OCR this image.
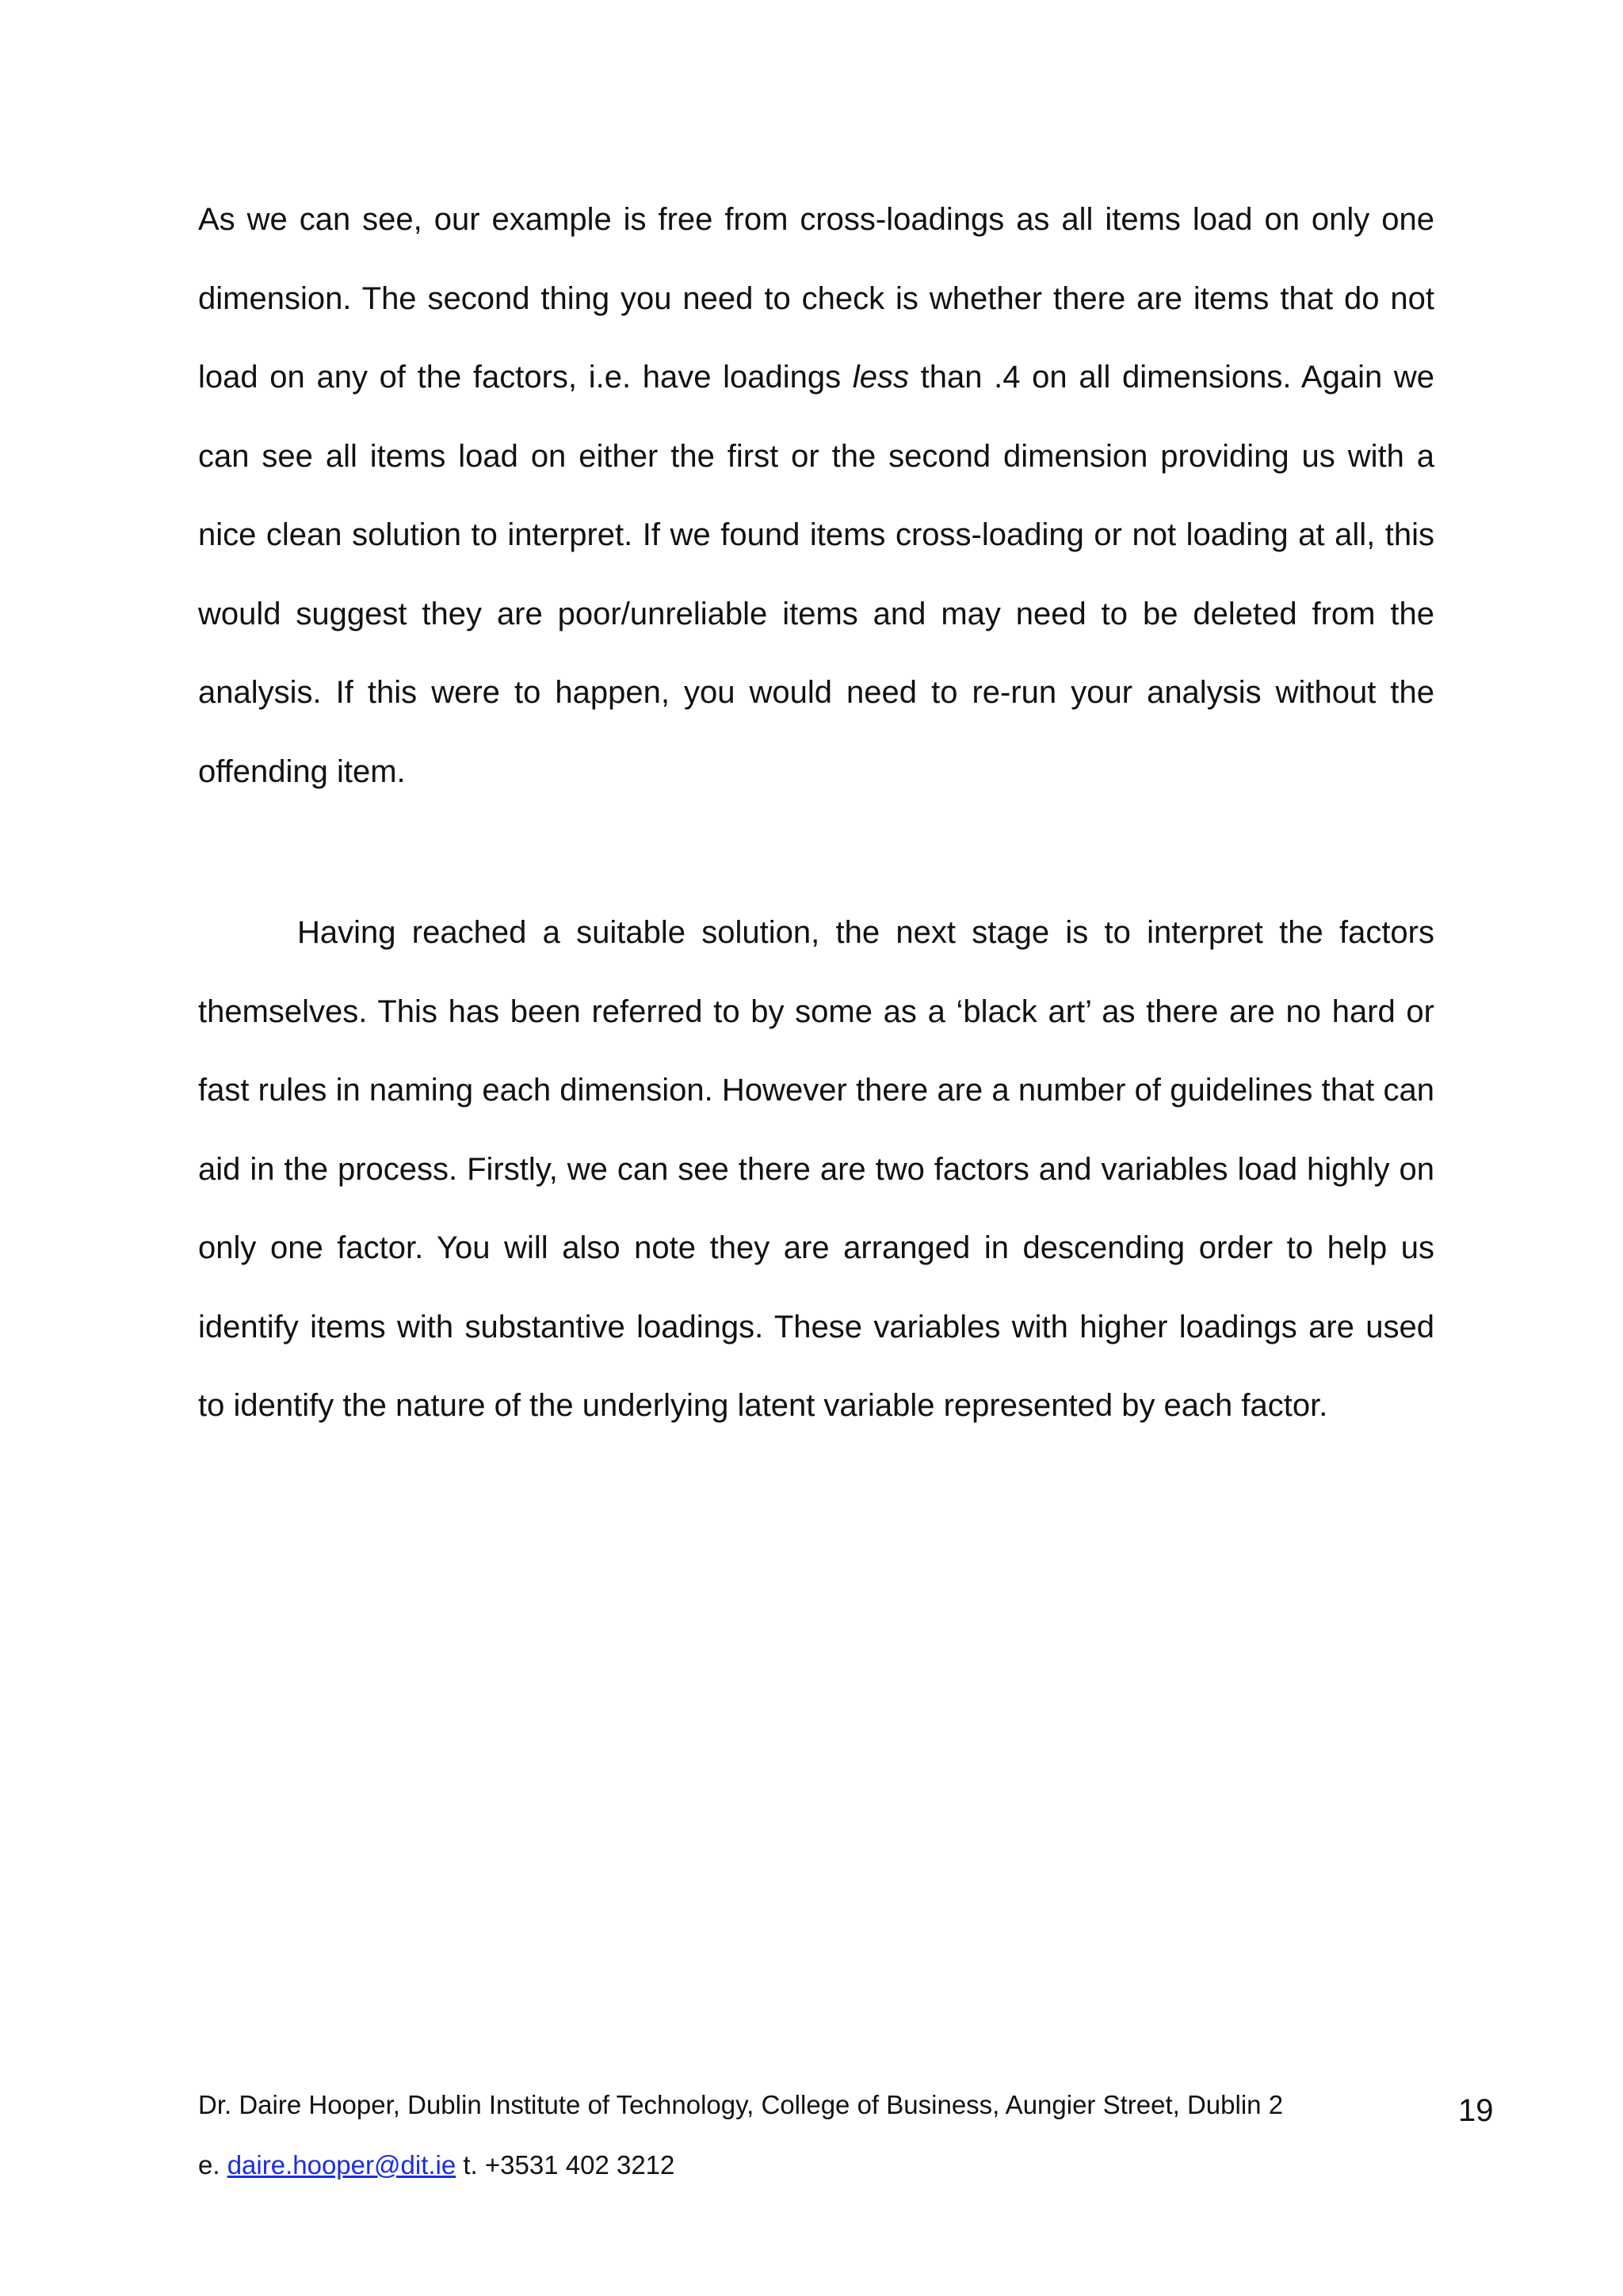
As we can see, our example is free from cross-loadings as all items load on only one dimension. The second thing you need to check is whether there are items that do not load on any of the factors, i.e. have loadings less than .4 on all dimensions. Again we can see all items load on either the first or the second dimension providing us with a nice clean solution to interpret. If we found items cross-loading or not loading at all, this would suggest they are poor/unreliable items and may need to be deleted from the analysis. If this were to happen, you would need to re-run your analysis without the offending item.

Having reached a suitable solution, the next stage is to interpret the factors themselves. This has been referred to by some as a ‘black art’ as there are no hard or fast rules in naming each dimension. However there are a number of guidelines that can aid in the process. Firstly, we can see there are two factors and variables load highly on only one factor. You will also note they are arranged in descending order to help us identify items with substantive loadings. These variables with higher loadings are used to identify the nature of the underlying latent variable represented by each factor.

Dr. Daire Hooper, Dublin Institute of Technology, College of Business, Aungier Street, Dublin 2

e. daire.hooper@dit.ie t. +3531 402 3212

19
